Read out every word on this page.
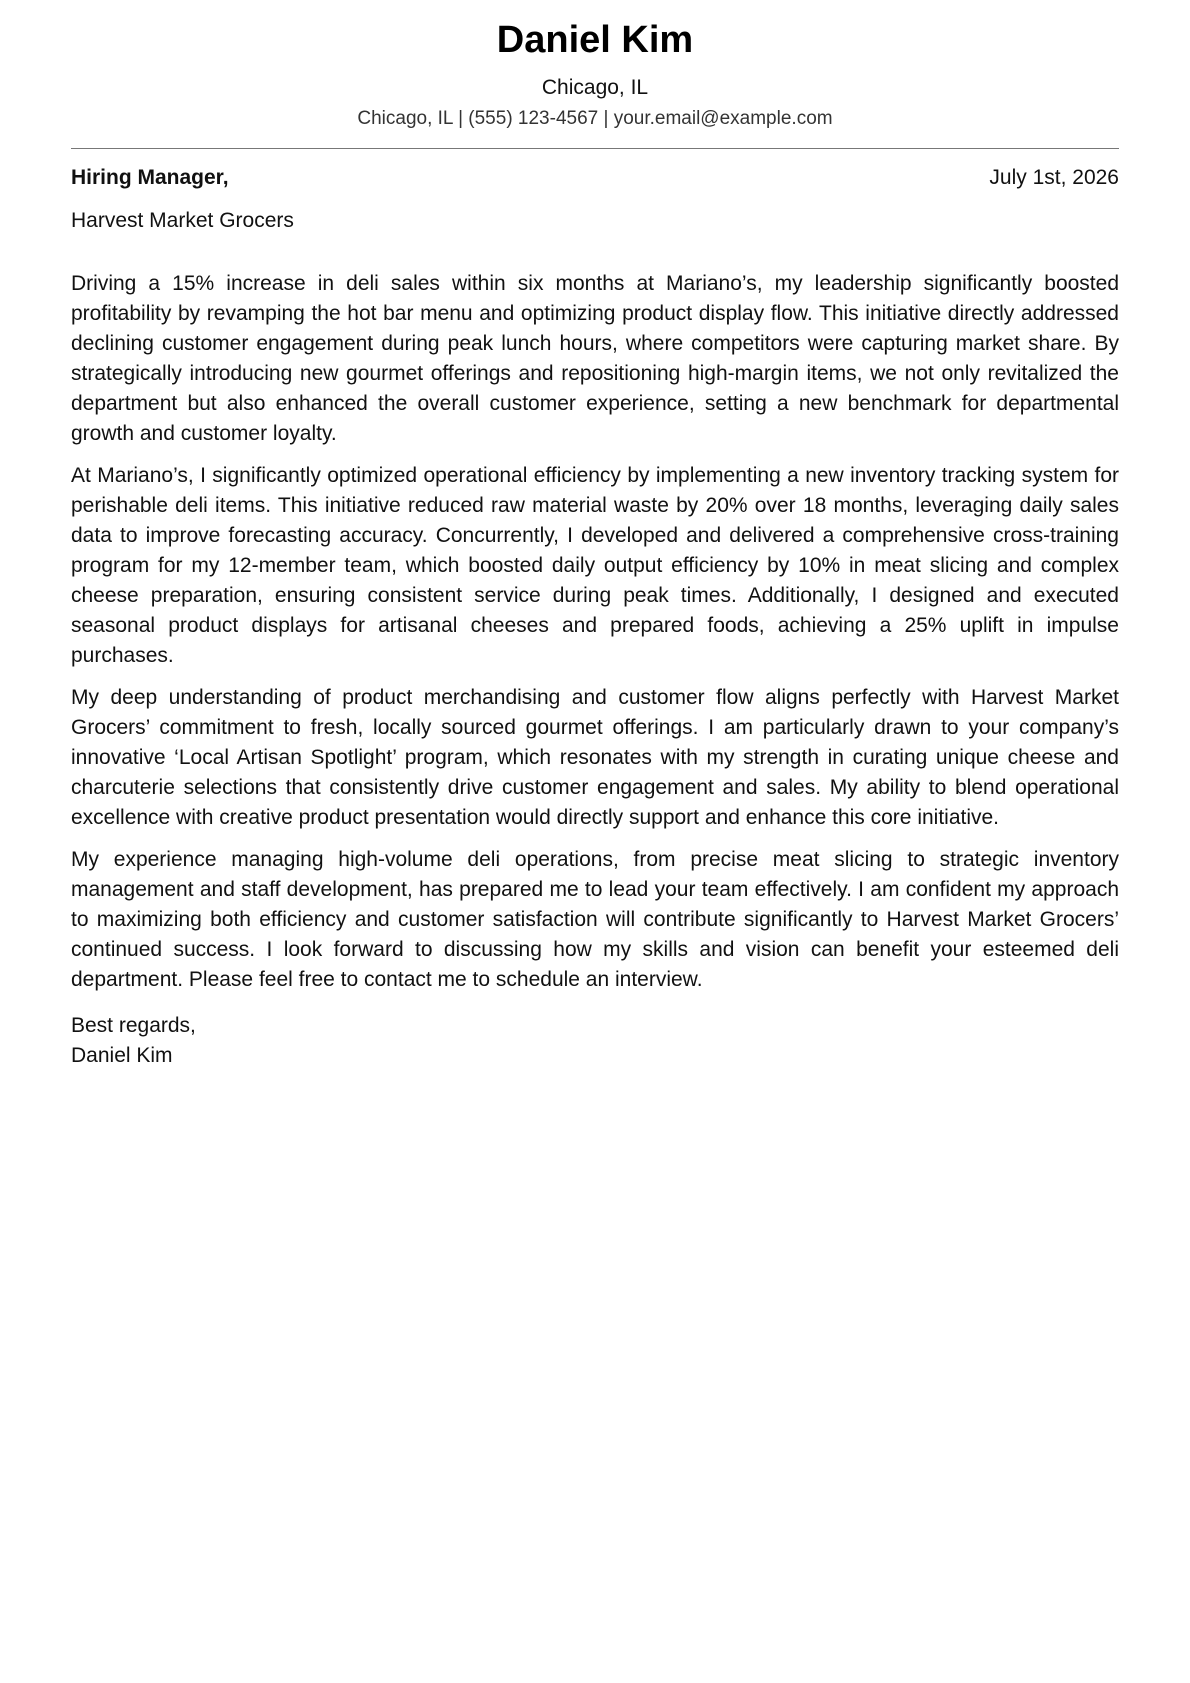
Daniel Kim
Chicago, IL
Chicago, IL | (555) 123-4567 | your.email@example.com
Hiring Manager,	July 1st, 2026
Harvest Market Grocers

Driving a 15% increase in deli sales within six months at Mariano’s, my leadership significantly boosted profitability by revamping the hot bar menu and optimizing product display flow. This initiative directly addressed declining customer engagement during peak lunch hours, where competitors were capturing market share. By strategically introducing new gourmet offerings and repositioning high-margin items, we not only revitalized the department but also enhanced the overall customer experience, setting a new benchmark for departmental growth and customer loyalty.

At Mariano’s, I significantly optimized operational efficiency by implementing a new inventory tracking system for perishable deli items. This initiative reduced raw material waste by 20% over 18 months, leveraging daily sales data to improve forecasting accuracy. Concurrently, I developed and delivered a comprehensive cross-training program for my 12-member team, which boosted daily output efficiency by 10% in meat slicing and complex cheese preparation, ensuring consistent service during peak times. Additionally, I designed and executed seasonal product displays for artisanal cheeses and prepared foods, achieving a 25% uplift in impulse purchases.

My deep understanding of product merchandising and customer flow aligns perfectly with Harvest Market Grocers’ commitment to fresh, locally sourced gourmet offerings. I am particularly drawn to your company’s innovative ‘Local Artisan Spotlight’ program, which resonates with my strength in curating unique cheese and charcuterie selections that consistently drive customer engagement and sales. My ability to blend operational excellence with creative product presentation would directly support and enhance this core initiative.

My experience managing high-volume deli operations, from precise meat slicing to strategic inventory management and staff development, has prepared me to lead your team effectively. I am confident my approach to maximizing both efficiency and customer satisfaction will contribute significantly to Harvest Market Grocers’ continued success. I look forward to discussing how my skills and vision can benefit your esteemed deli department. Please feel free to contact me to schedule an interview.

Best regards,
Daniel Kim
